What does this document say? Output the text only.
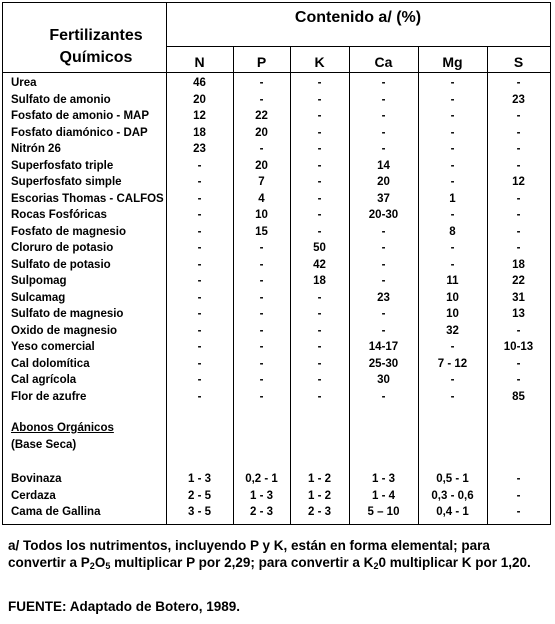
Fertilizantes
Químicos
Contenido a/ (%)
N	P	K	Ca	Mg	S
Urea	46	-	-	-	-	-
Sulfato de amonio	20	-	-	-	-	23
Fosfato de amonio - MAP	12	22	-	-	-	-
Fosfato diamónico - DAP	18	20	-	-	-	-
Nitrón 26	23	-	-	-	-	-
Superfosfato triple	-	20	-	14	-	-
Superfosfato simple	-	7	-	20	-	12
Escorias Thomas - CALFOS	-	4	-	37	1	-
Rocas Fosfóricas	-	10	-	20-30	-	-
Fosfato de magnesio	-	15	-	-	8	-
Cloruro de potasio	-	-	50	-	-	-
Sulfato de potasio	-	-	42	-	-	18
Sulpomag	-	-	18	-	11	22
Sulcamag	-	-	-	23	10	31
Sulfato de magnesio	-	-	-	-	10	13
Oxido de magnesio	-	-	-	-	32	-
Yeso comercial	-	-	-	14-17	-	10-13
Cal dolomítica	-	-	-	25-30	7 - 12	-
Cal agrícola	-	-	-	30	-	-
Flor de azufre	-	-	-	-	-	85
Abonos Orgánicos
(Base Seca)
Bovinaza	1 - 3	0,2 - 1	1 - 2	1 - 3	0,5 - 1	-
Cerdaza	2 - 5	1 - 3	1 - 2	1 - 4	0,3 - 0,6	-
Cama de Gallina	3 - 5	2 - 3	2 - 3	5 – 10	0,4 - 1	-
a/ Todos los nutrimentos, incluyendo P y K, están en forma elemental; para convertir a $P_2O_5$ multiplicar P por 2,29; para convertir a $K_20$ multiplicar K por 1,20.
FUENTE: Adaptado de Botero, 1989.
